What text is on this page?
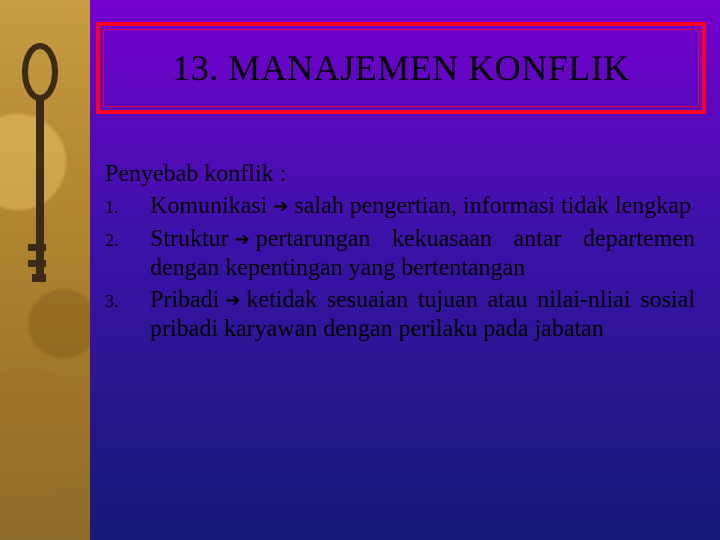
13. MANAJEMEN KONFLIK
Penyebab konflik :
1.	Komunikasi ➔ salah pengertian, informasi tidak lengkap
2.	Struktur ➔ pertarungan kekuasaan antar departemen dengan kepentingan yang bertentangan
3.	Pribadi ➔ ketidak sesuaian tujuan atau nilai-nliai sosial pribadi karyawan dengan perilaku pada jabatan
